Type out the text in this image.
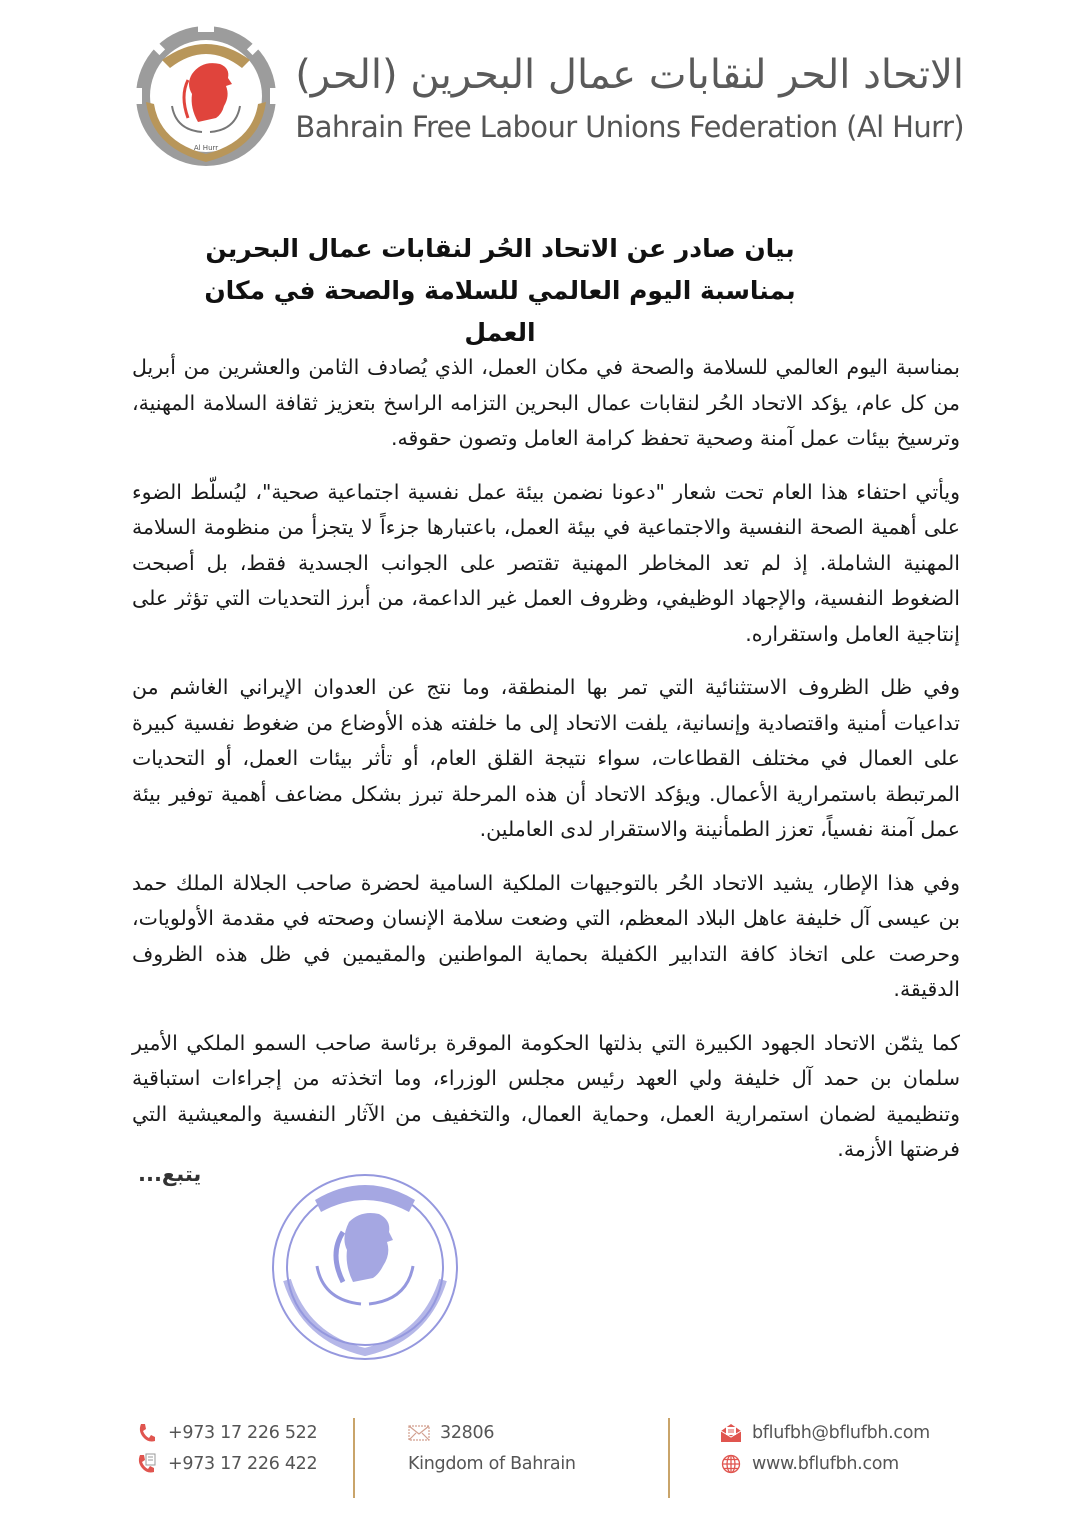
Al Hurr
الاتحاد الحر لنقابات عمال البحرين (الحر)
Bahrain Free Labour Unions Federation (Al Hurr)
بيان صادر عن الاتحاد الحُر لنقابات عمال البحرين
بمناسبة اليوم العالمي للسلامة والصحة في مكان العمل

بمناسبة اليوم العالمي للسلامة والصحة في مكان العمل، الذي يُصادف الثامن والعشرين من أبريل من كل عام، يؤكد الاتحاد الحُر لنقابات عمال البحرين التزامه الراسخ بتعزيز ثقافة السلامة المهنية، وترسيخ بيئات عمل آمنة وصحية تحفظ كرامة العامل وتصون حقوقه.

ويأتي احتفاء هذا العام تحت شعار "دعونا نضمن بيئة عمل نفسية اجتماعية صحية"، ليُسلّط الضوء على أهمية الصحة النفسية والاجتماعية في بيئة العمل، باعتبارها جزءاً لا يتجزأ من منظومة السلامة المهنية الشاملة. إذ لم تعد المخاطر المهنية تقتصر على الجوانب الجسدية فقط، بل أصبحت الضغوط النفسية، والإجهاد الوظيفي، وظروف العمل غير الداعمة، من أبرز التحديات التي تؤثر على إنتاجية العامل واستقراره.

وفي ظل الظروف الاستثنائية التي تمر بها المنطقة، وما نتج عن العدوان الإيراني الغاشم من تداعيات أمنية واقتصادية وإنسانية، يلفت الاتحاد إلى ما خلفته هذه الأوضاع من ضغوط نفسية كبيرة على العمال في مختلف القطاعات، سواء نتيجة القلق العام، أو تأثر بيئات العمل، أو التحديات المرتبطة باستمرارية الأعمال. ويؤكد الاتحاد أن هذه المرحلة تبرز بشكل مضاعف أهمية توفير بيئة عمل آمنة نفسياً، تعزز الطمأنينة والاستقرار لدى العاملين.

وفي هذا الإطار، يشيد الاتحاد الحُر بالتوجيهات الملكية السامية لحضرة صاحب الجلالة الملك حمد بن عيسى آل خليفة عاهل البلاد المعظم، التي وضعت سلامة الإنسان وصحته في مقدمة الأولويات، وحرصت على اتخاذ كافة التدابير الكفيلة بحماية المواطنين والمقيمين في ظل هذه الظروف الدقيقة.

كما يثمّن الاتحاد الجهود الكبيرة التي بذلتها الحكومة الموقرة برئاسة صاحب السمو الملكي الأمير سلمان بن حمد آل خليفة ولي العهد رئيس مجلس الوزراء، وما اتخذته من إجراءات استباقية وتنظيمية لضمان استمرارية العمل، وحماية العمال، والتخفيف من الآثار النفسية والمعيشية التي فرضتها الأزمة.

يتبع...
+973 17 226 522
+973 17 226 422
32806
Kingdom of Bahrain
bflufbh@bflufbh.com
www.bflufbh.com
